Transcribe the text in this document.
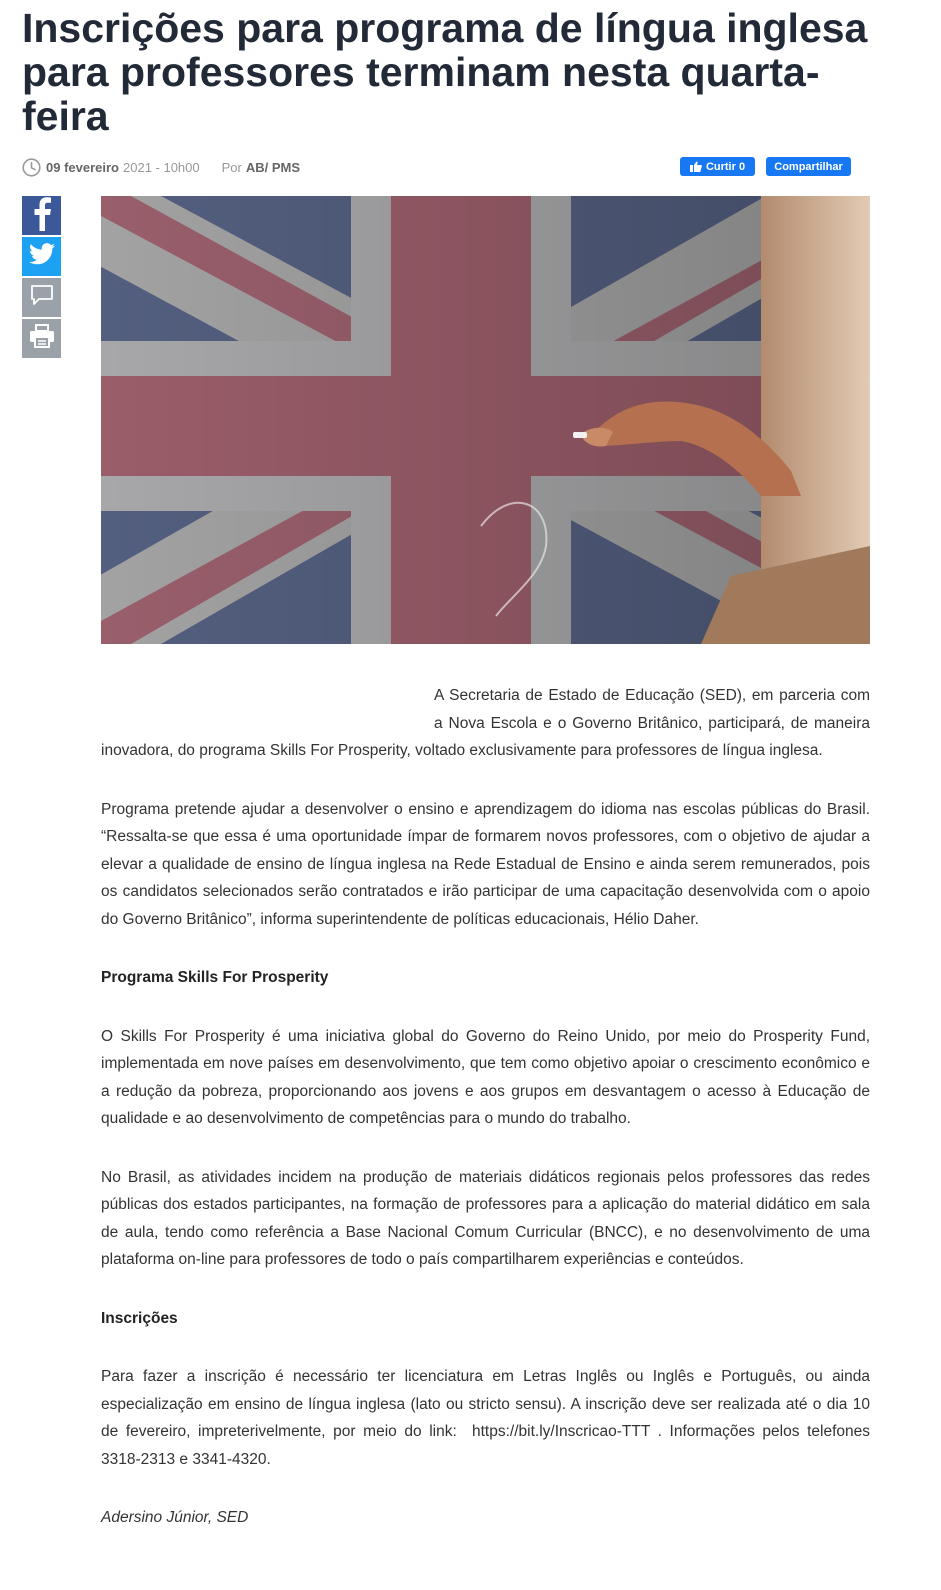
Inscrições para programa de língua inglesa para professores terminam nesta quarta-feira
09 fevereiro 2021 - 10h00 Por AB/ PMS	Curtir 0	Compartilhar

A Secretaria de Estado de Educação (SED), em parceria com a Nova Escola e o Governo Britânico, participará, de maneira inovadora, do programa Skills For Prosperity, voltado exclusivamente para professores de língua inglesa.

Programa pretende ajudar a desenvolver o ensino e aprendizagem do idioma nas escolas públicas do Brasil. “Ressalta-se que essa é uma oportunidade ímpar de formarem novos professores, com o objetivo de ajudar a elevar a qualidade de ensino de língua inglesa na Rede Estadual de Ensino e ainda serem remunerados, pois os candidatos selecionados serão contratados e irão participar de uma capacitação desenvolvida com o apoio do Governo Britânico”, informa superintendente de políticas educacionais, Hélio Daher.

Programa Skills For Prosperity

O Skills For Prosperity é uma iniciativa global do Governo do Reino Unido, por meio do Prosperity Fund, implementada em nove países em desenvolvimento, que tem como objetivo apoiar o crescimento econômico e a redução da pobreza, proporcionando aos jovens e aos grupos em desvantagem o acesso à Educação de qualidade e ao desenvolvimento de competências para o mundo do trabalho.

No Brasil, as atividades incidem na produção de materiais didáticos regionais pelos professores das redes públicas dos estados participantes, na formação de professores para a aplicação do material didático em sala de aula, tendo como referência a Base Nacional Comum Curricular (BNCC), e no desenvolvimento de uma plataforma on-line para professores de todo o país compartilharem experiências e conteúdos.

Inscrições

Para fazer a inscrição é necessário ter licenciatura em Letras Inglês ou Inglês e Português, ou ainda especialização em ensino de língua inglesa (lato ou stricto sensu). A inscrição deve ser realizada até o dia 10 de fevereiro, impreterivelmente, por meio do link: https://bit.ly/Inscricao-TTT . Informações pelos telefones 3318-2313 e 3341-4320.

Adersino Júnior, SED
